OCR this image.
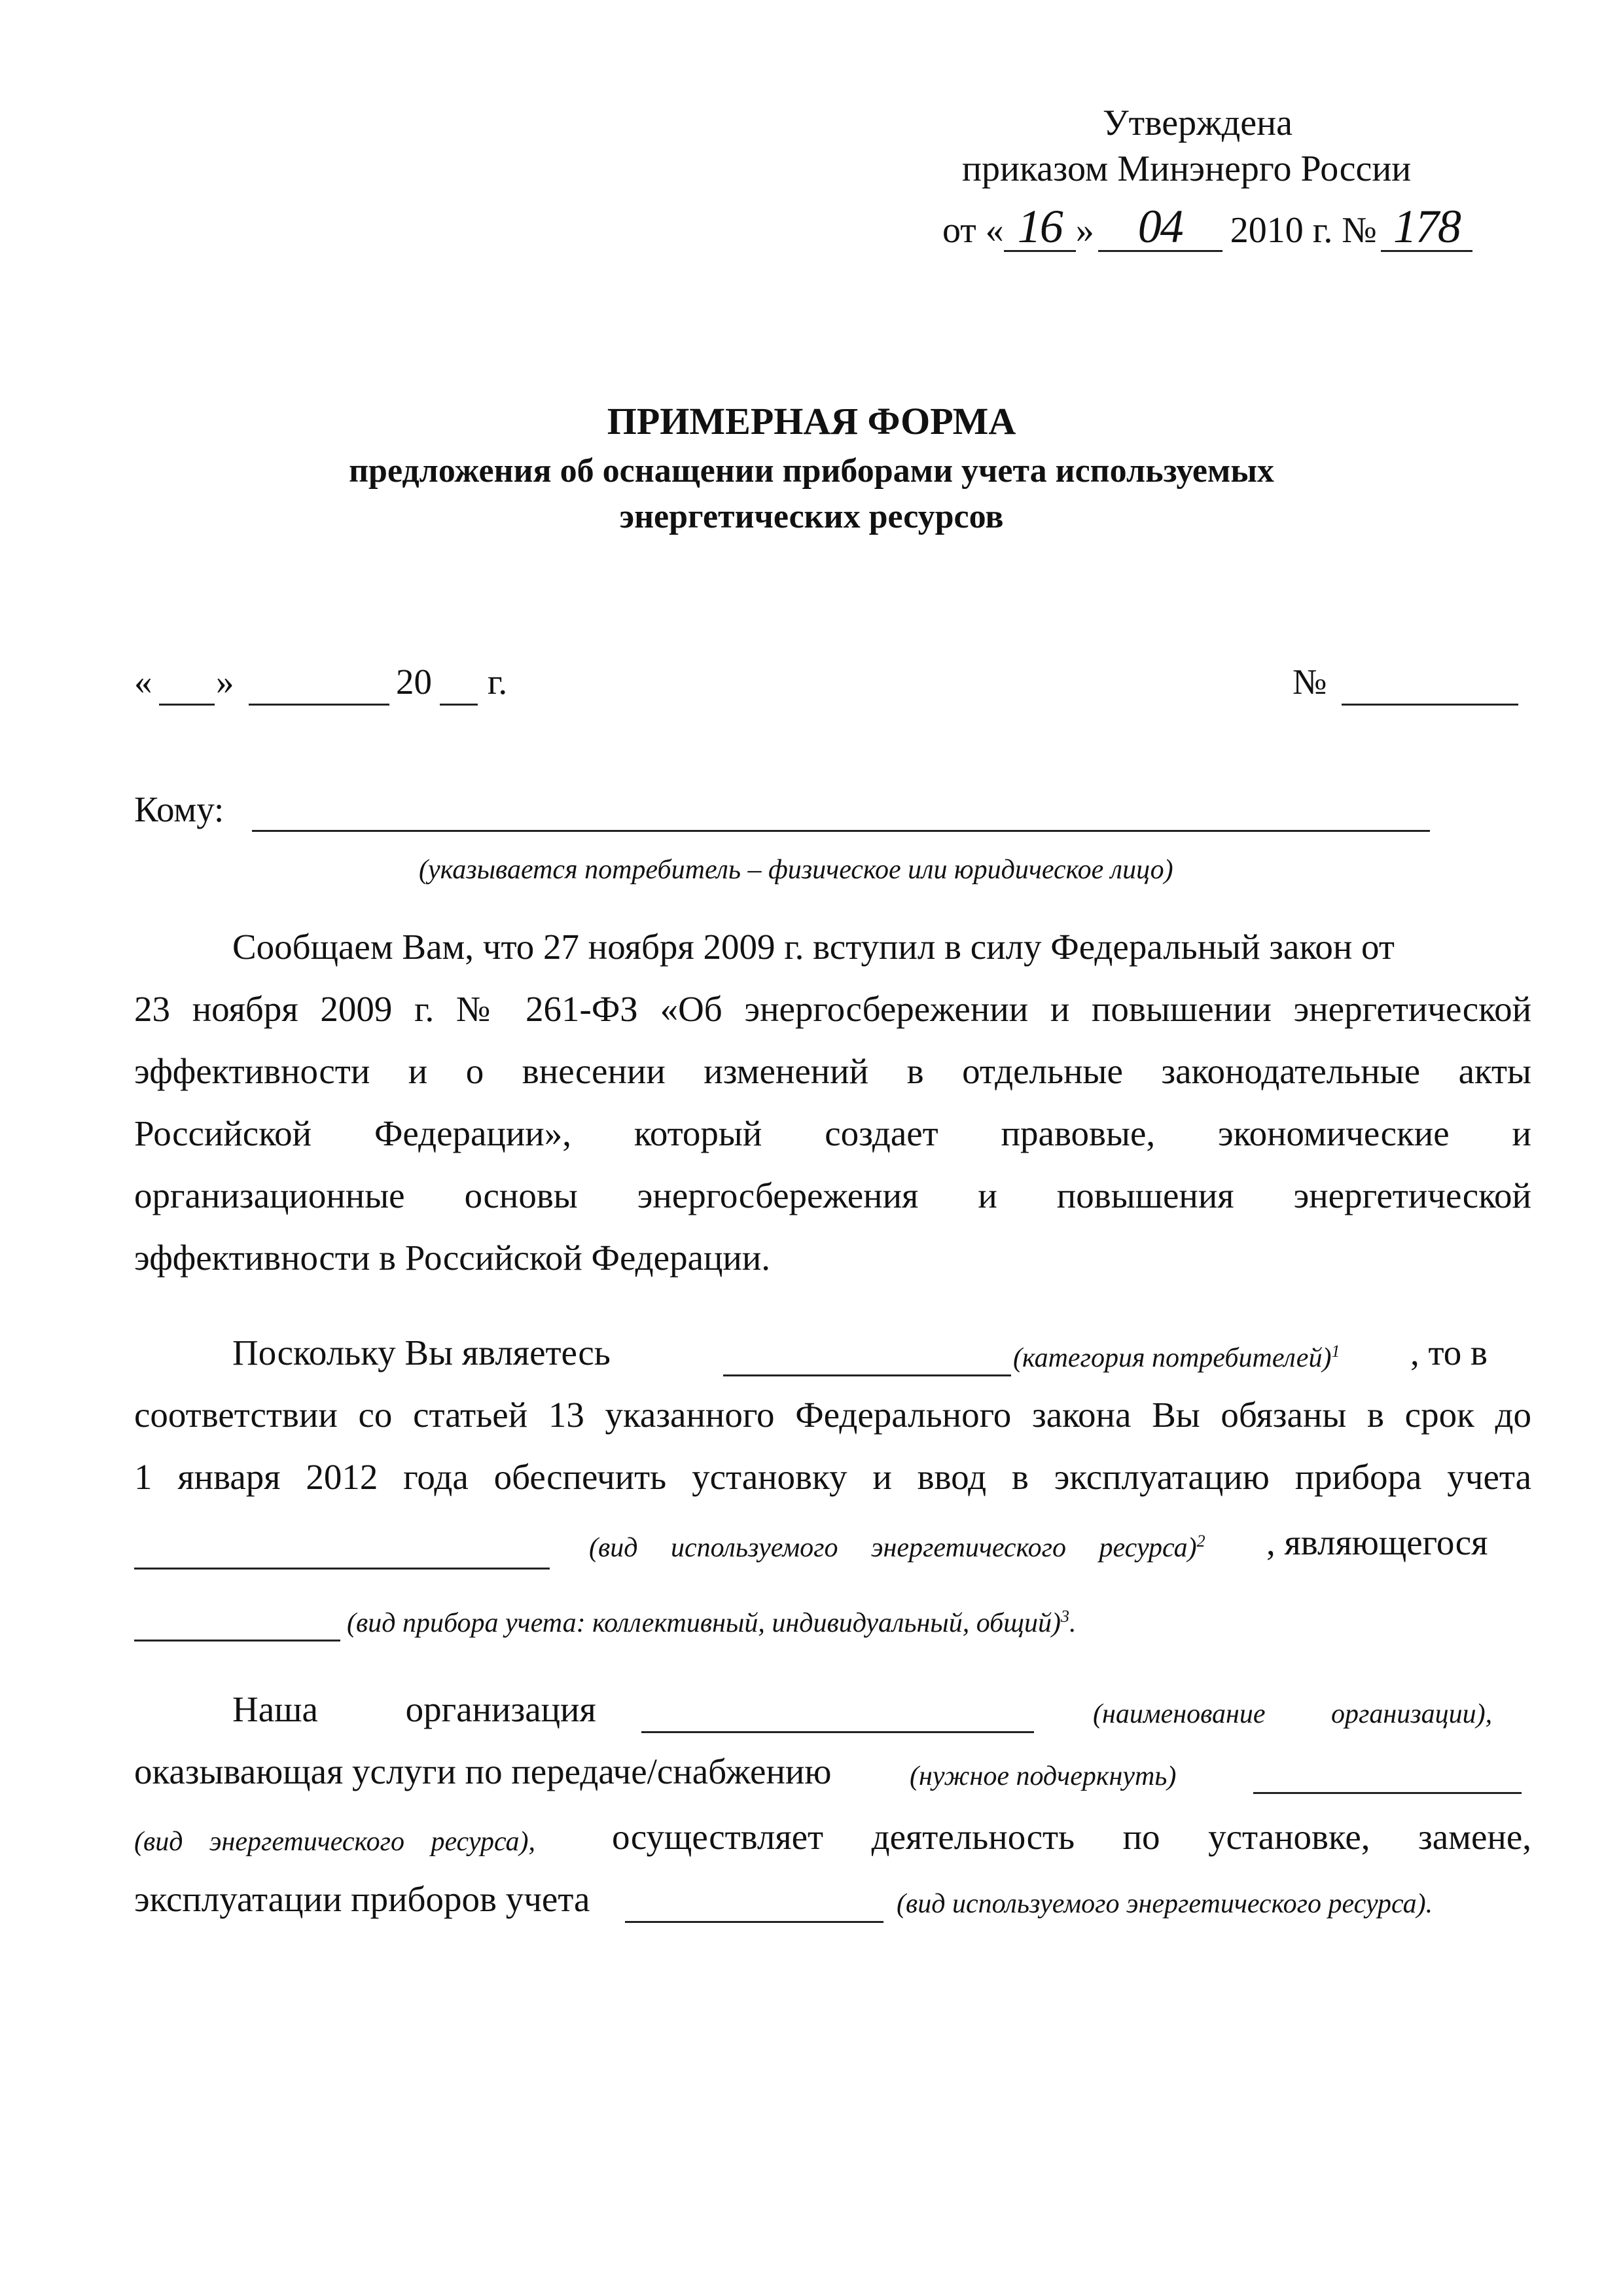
Утверждена
приказом Минэнерго России
от « 16 » 04 2010 г. № 178
ПРИМЕРНАЯ ФОРМА
предложения об оснащении приборами учета используемых
энергетических ресурсов
« »	20 г.	№
Кому:
(указывается потребитель – физическое или юридическое лицо)
Сообщаем Вам, что 27 ноября 2009 г. вступил в силу Федеральный закон от
23 ноября 2009 г. № 261-ФЗ «Об энергосбережении и повышении энергетической
эффективности и о внесении изменений в отдельные законодательные акты
Российской Федерации», который создает правовые, экономические и
организационные основы энергосбережения и повышения энергетической
эффективности в Российской Федерации.
Поскольку Вы являетесь	(категория потребителей)$^1$ , то в
соответствии со статьей 13 указанного Федерального закона Вы обязаны в срок до
1 января 2012 года обеспечить установку и ввод в эксплуатацию прибора учета
(вид используемого энергетического ресурса)$^2$ , являющегося
(вид прибора учета: коллективный, индивидуальный, общий)$^3$.
Наша организация	(наименование организации),
оказывающая услуги по передаче/снабжению	(нужное подчеркнуть)
(вид энергетического ресурса), осуществляет деятельность по установке, замене,
эксплуатации приборов учета	(вид используемого энергетического ресурса).
